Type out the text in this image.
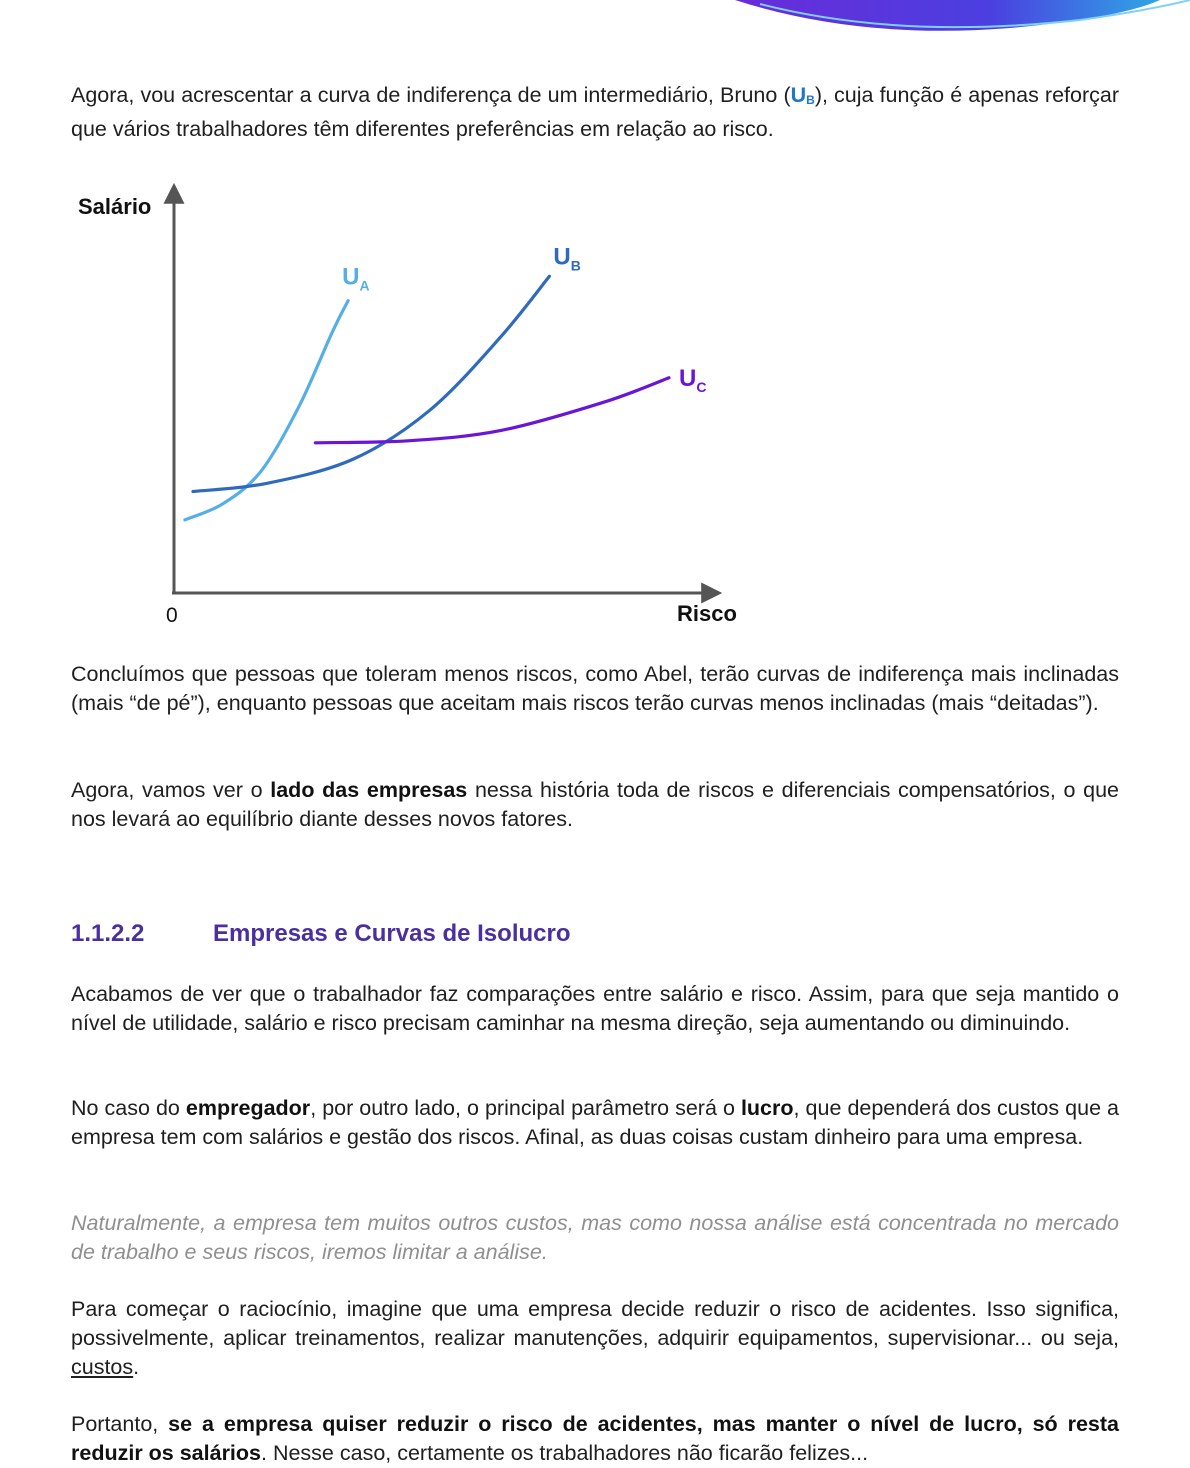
Agora, vou acrescentar a curva de indiferença de um intermediário, Bruno $(U_B)$, cuja função é apenas reforçar que vários trabalhadores têm diferentes preferências em relação ao risco.

Salário
Risco
0
$U_A$
$U_B$
$U_C$

Concluímos que pessoas que toleram menos riscos, como Abel, terão curvas de indiferença mais inclinadas (mais “de pé”), enquanto pessoas que aceitam mais riscos terão curvas menos inclinadas (mais “deitadas”).

Agora, vamos ver o lado das empresas nessa história toda de riscos e diferenciais compensatórios, o que nos levará ao equilíbrio diante desses novos fatores.

1.1.2.2	Empresas e Curvas de Isolucro

Acabamos de ver que o trabalhador faz comparações entre salário e risco. Assim, para que seja mantido o nível de utilidade, salário e risco precisam caminhar na mesma direção, seja aumentando ou diminuindo.

No caso do empregador, por outro lado, o principal parâmetro será o lucro, que dependerá dos custos que a empresa tem com salários e gestão dos riscos. Afinal, as duas coisas custam dinheiro para uma empresa.

Naturalmente, a empresa tem muitos outros custos, mas como nossa análise está concentrada no mercado de trabalho e seus riscos, iremos limitar a análise.

Para começar o raciocínio, imagine que uma empresa decide reduzir o risco de acidentes. Isso significa, possivelmente, aplicar treinamentos, realizar manutenções, adquirir equipamentos, supervisionar... ou seja, custos.

Portanto, se a empresa quiser reduzir o risco de acidentes, mas manter o nível de lucro, só resta reduzir os salários. Nesse caso, certamente os trabalhadores não ficarão felizes...
